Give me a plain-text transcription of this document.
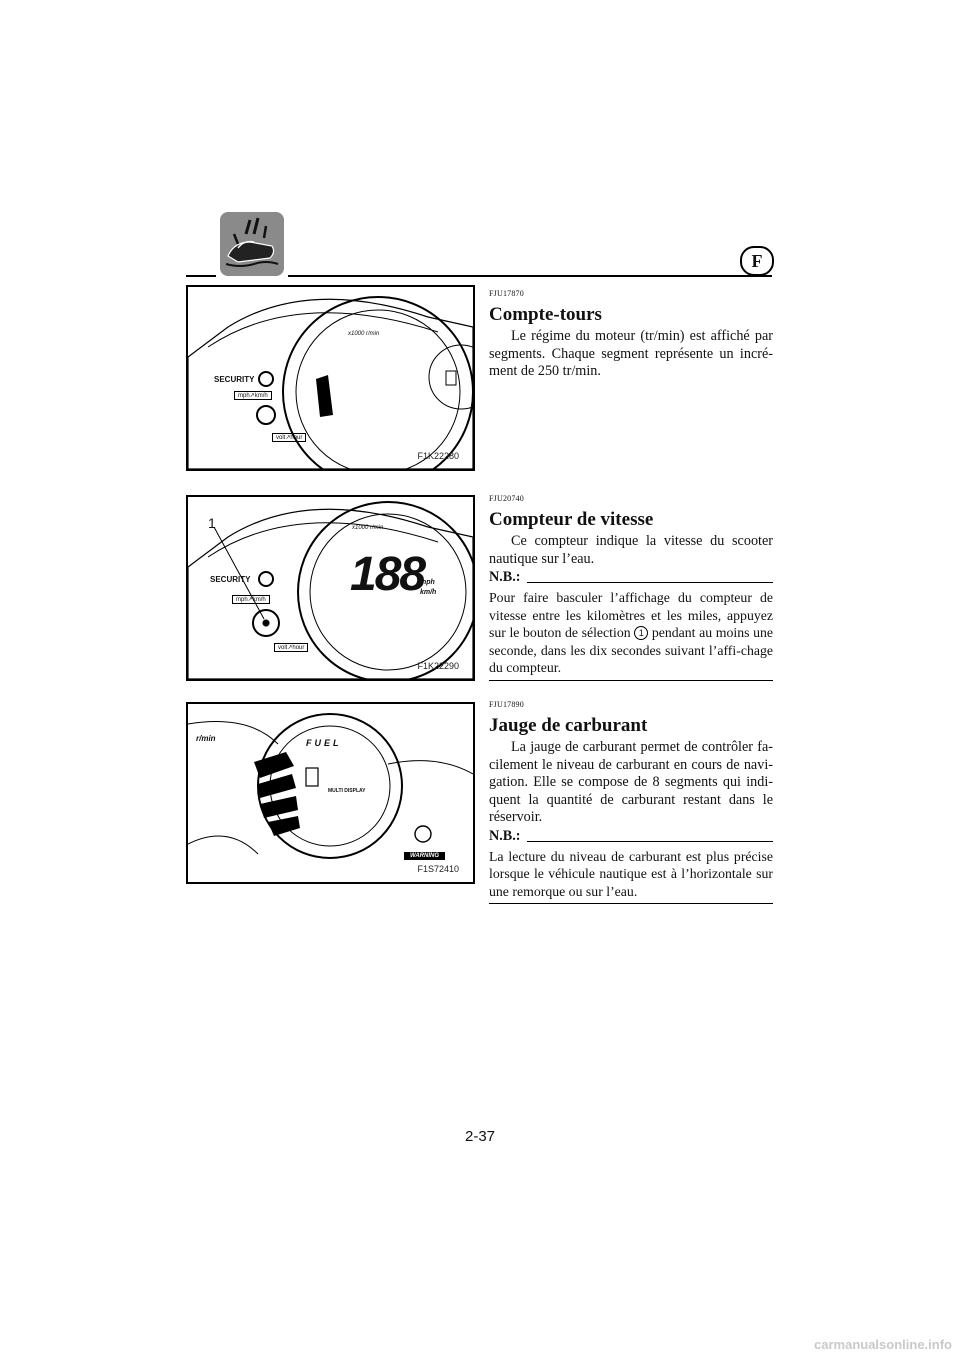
F
SECURITY
mph↗km/h
volt↗hour
x1000 r/min
F1K22280
FJU17870
Compte-tours

Le régime du moteur (tr/min) est affiché par segments. Chaque segment représente un incré-ment de 250 tr/min.

1
SECURITY
mph↗km/h
volt↗hour
x1000 r/min
188
mph
km/h
F1K22290
FJU20740
Compteur de vitesse

Ce compteur indique la vitesse du scooter nautique sur l’eau.

N.B.:

Pour faire basculer l’affichage du compteur de vitesse entre les kilomètres et les miles, appuyez sur le bouton de sélection 1 pendant au moins une seconde, dans les dix secondes suivant l’affi-chage du compteur.

r/min	FUEL
MULTI DISPLAY
WARNING
F1S72410
FJU17890
Jauge de carburant

La jauge de carburant permet de contrôler fa-cilement le niveau de carburant en cours de navi-gation. Elle se compose de 8 segments qui indi-quent la quantité de carburant restant dans le réservoir.

N.B.:

La lecture du niveau de carburant est plus précise lorsque le véhicule nautique est à l’horizontale sur une remorque ou sur l’eau.

2-37
carmanualsonline.info
